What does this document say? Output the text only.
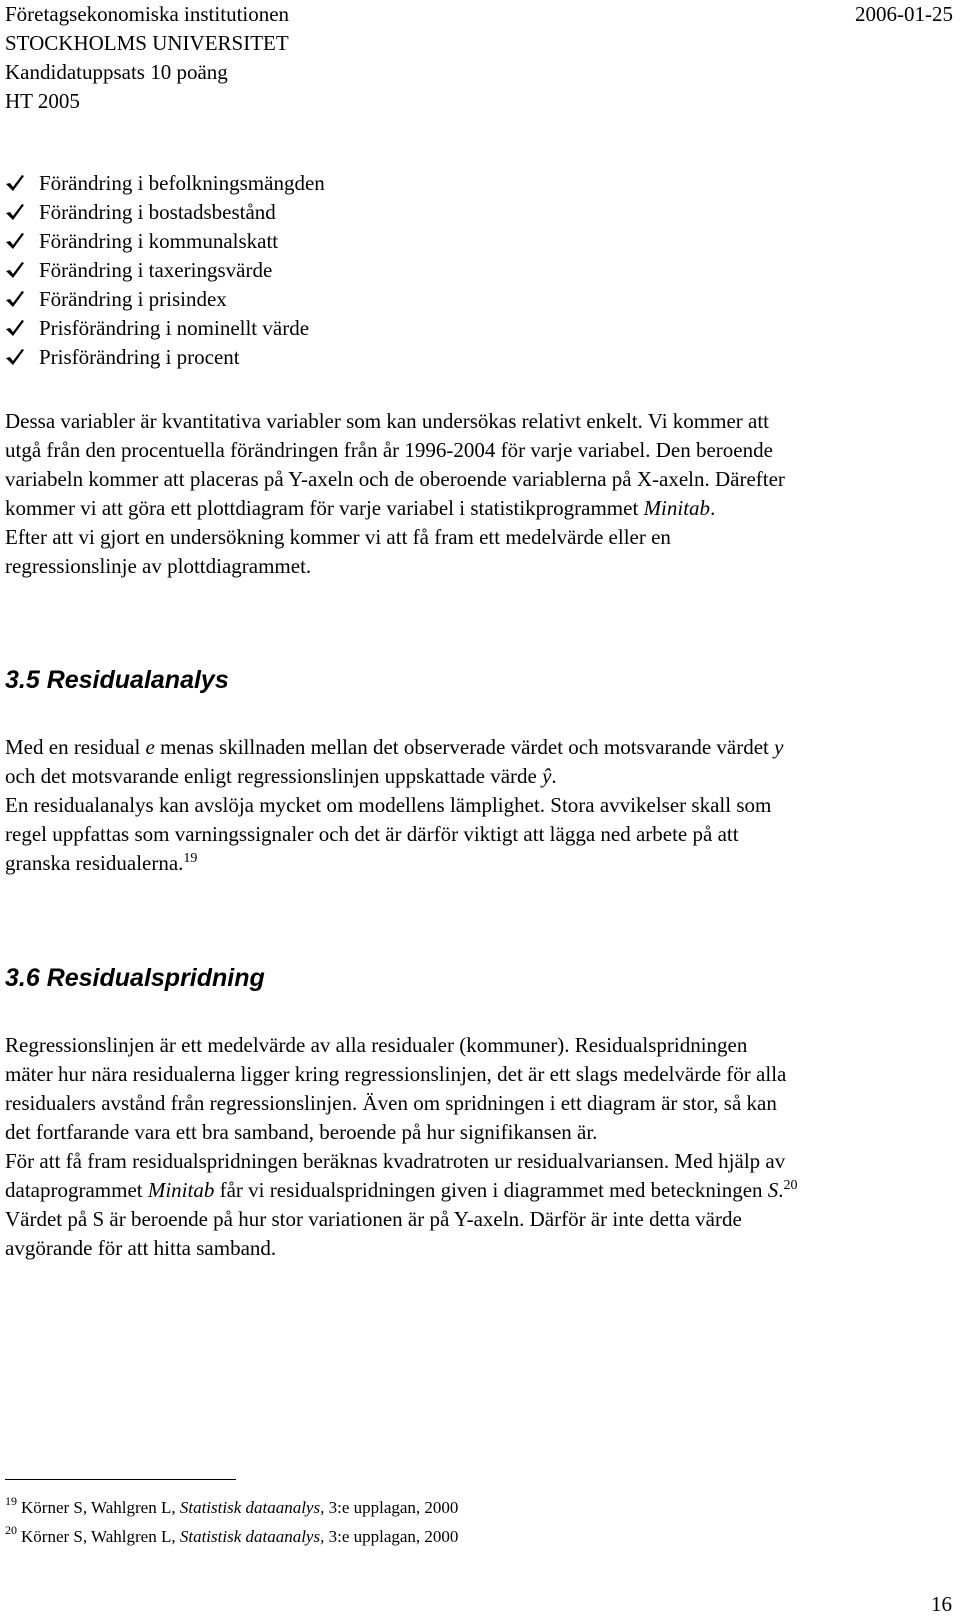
Företagsekonomiska institutionen	2006-01-25
STOCKHOLMS UNIVERSITET
Kandidatuppsats 10 poäng
HT 2005
Förändring i befolkningsmängden
Förändring i bostadsbestånd
Förändring i kommunalskatt
Förändring i taxeringsvärde
Förändring i prisindex
Prisförändring i nominellt värde
Prisförändring i procent
Dessa variabler är kvantitativa variabler som kan undersökas relativt enkelt. Vi kommer att
utgå från den procentuella förändringen från år 1996-2004 för varje variabel. Den beroende
variabeln kommer att placeras på Y-axeln och de oberoende variablerna på X-axeln. Därefter
kommer vi att göra ett plottdiagram för varje variabel i statistikprogrammet Minitab.
Efter att vi gjort en undersökning kommer vi att få fram ett medelvärde eller en
regressionslinje av plottdiagrammet.
3.5 Residualanalys
Med en residual e menas skillnaden mellan det observerade värdet och motsvarande värdet y
och det motsvarande enligt regressionslinjen uppskattade värde ŷ.
En residualanalys kan avslöja mycket om modellens lämplighet. Stora avvikelser skall som
regel uppfattas som varningssignaler och det är därför viktigt att lägga ned arbete på att
granska residualerna.$^{19}$
3.6 Residualspridning
Regressionslinjen är ett medelvärde av alla residualer (kommuner). Residualspridningen
mäter hur nära residualerna ligger kring regressionslinjen, det är ett slags medelvärde för alla
residualers avstånd från regressionslinjen. Även om spridningen i ett diagram är stor, så kan
det fortfarande vara ett bra samband, beroende på hur signifikansen är.
För att få fram residualspridningen beräknas kvadratroten ur residualvariansen. Med hjälp av
dataprogrammet Minitab får vi residualspridningen given i diagrammet med beteckningen S.$^{20}$
Värdet på S är beroende på hur stor variationen är på Y-axeln. Därför är inte detta värde
avgörande för att hitta samband.
$^{19}$ Körner S, Wahlgren L, Statistisk dataanalys, 3:e upplagan, 2000
$^{20}$ Körner S, Wahlgren L, Statistisk dataanalys, 3:e upplagan, 2000
16
